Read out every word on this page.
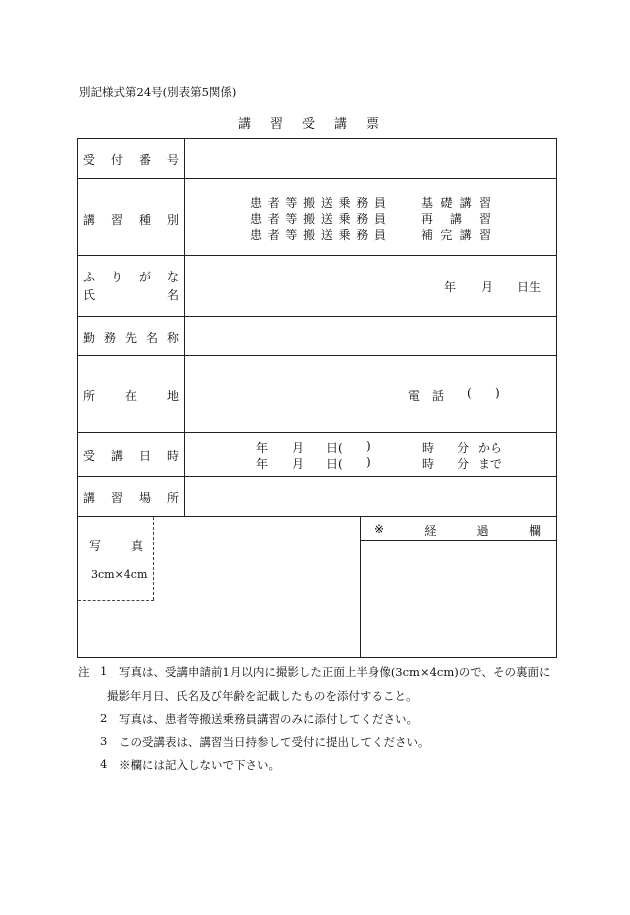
別記様式第24号(別表第5関係)
講習受講票
受 付 番 号
講 習 種 別
患 者 等 搬 送 乗 務 員	基 礎 講 習
患 者 等 搬 送 乗 務 員	再 講 習
患 者 等 搬 送 乗 務 員	補 完 講 習
ふ り が な
氏	名
年 月 日生
勤 務 先 名 称
所 在 地	電 話 ( )
受 講 日 時
年 月 日( )	時 分 から
年 月 日( )	時 分 まで
講 習 場 所
写 真
3cm×4cm
※	経	過	欄
注 1 写真は、受講申請前1月以内に撮影した正面上半身像(3cm×4cm)ので、その裏面に
撮影年月日、氏名及び年齢を記載したものを添付すること。
2 写真は、患者等搬送乗務員講習のみに添付してください。
3 この受講表は、講習当日持参して受付に提出してください。
4 ※欄には記入しないで下さい。
